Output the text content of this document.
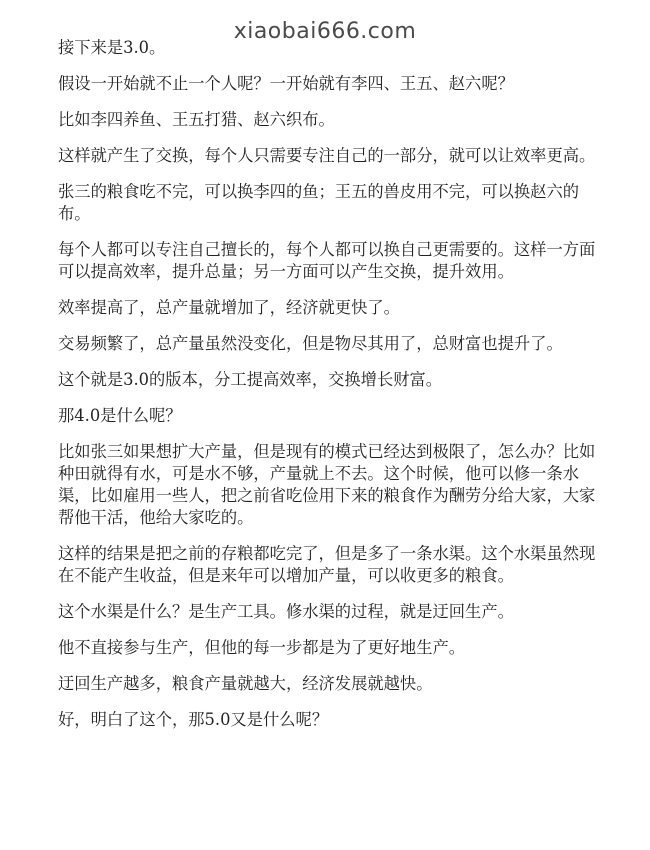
xiaobai666.com

接下来是3.0。

假设一开始就不止一个人呢？一开始就有李四、王五、赵六呢？

比如李四养鱼、王五打猎、赵六织布。

这样就产生了交换，每个人只需要专注自己的一部分，就可以让效率更高。

张三的粮食吃不完，可以换李四的鱼；王五的兽皮用不完，可以换赵六的布。

每个人都可以专注自己擅长的，每个人都可以换自己更需要的。这样一方面可以提高效率，提升总量；另一方面可以产生交换，提升效用。

效率提高了，总产量就增加了，经济就更快了。

交易频繁了，总产量虽然没变化，但是物尽其用了，总财富也提升了。

这个就是3.0的版本，分工提高效率，交换增长财富。

那4.0是什么呢？

比如张三如果想扩大产量，但是现有的模式已经达到极限了，怎么办？比如种田就得有水，可是水不够，产量就上不去。这个时候，他可以修一条水渠，比如雇用一些人，把之前省吃俭用下来的粮食作为酬劳分给大家，大家帮他干活，他给大家吃的。

这样的结果是把之前的存粮都吃完了，但是多了一条水渠。这个水渠虽然现在不能产生收益，但是来年可以增加产量，可以收更多的粮食。

这个水渠是什么？是生产工具。修水渠的过程，就是迂回生产。

他不直接参与生产，但他的每一步都是为了更好地生产。

迂回生产越多，粮食产量就越大，经济发展就越快。

好，明白了这个，那5.0又是什么呢？
